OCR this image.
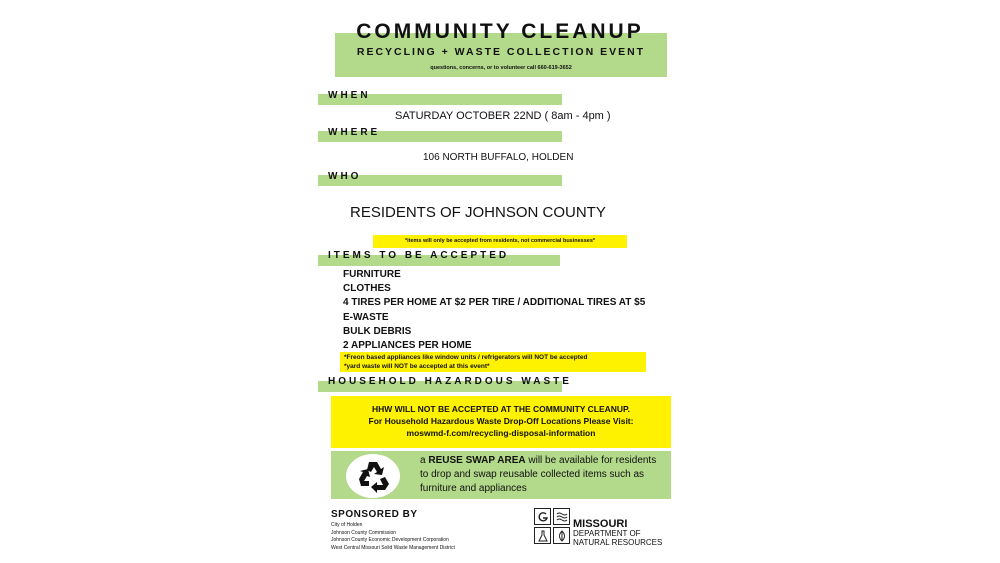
COMMUNITY CLEANUP
RECYCLING + WASTE COLLECTION EVENT
questions, concerns, or to volunteer call 660-619-3652
WHEN
SATURDAY OCTOBER 22ND ( 8am - 4pm )
WHERE
106 NORTH BUFFALO, HOLDEN
WHO
RESIDENTS OF JOHNSON COUNTY
*items will only be accepted from residents, not commercial businesses*
ITEMS TO BE ACCEPTED
FURNITURE
CLOTHES
4 TIRES PER HOME AT $2 PER TIRE / ADDITIONAL TIRES AT $5
E-WASTE
BULK DEBRIS
2 APPLIANCES PER HOME
*Freon based appliances like window units / refrigerators will NOT be accepted
*yard waste will NOT be accepted at this event*
HOUSEHOLD HAZARDOUS WASTE
HHW WILL NOT BE ACCEPTED AT THE COMMUNITY CLEANUP.
For Household Hazardous Waste Drop-Off Locations Please Visit:
moswmd-f.com/recycling-disposal-information
a REUSE SWAP AREA will be available for residents to drop and swap reusable collected items such as furniture and appliances
SPONSORED BY
City of Holden
Johnson County Commission
Johnson County Economic Development Corporation
West Central Missouri Solid Waste Management District
MISSOURI
DEPARTMENT OF
NATURAL RESOURCES
